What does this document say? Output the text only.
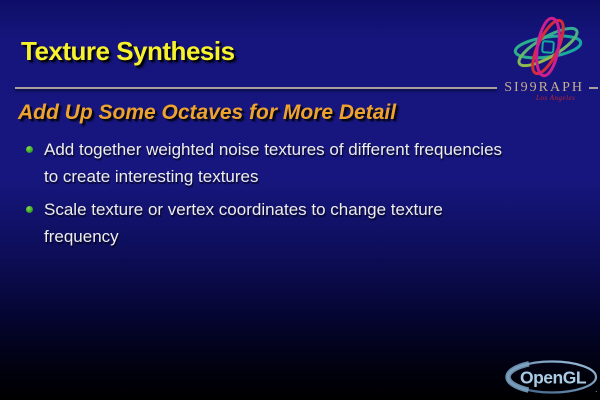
Texture Synthesis
SI99RAPH
Los Angeles
Add Up Some Octaves for More Detail
Add together weighted noise textures of different frequencies
to create interesting textures
Scale texture or vertex coordinates to change texture
frequency
OpenGL
.
